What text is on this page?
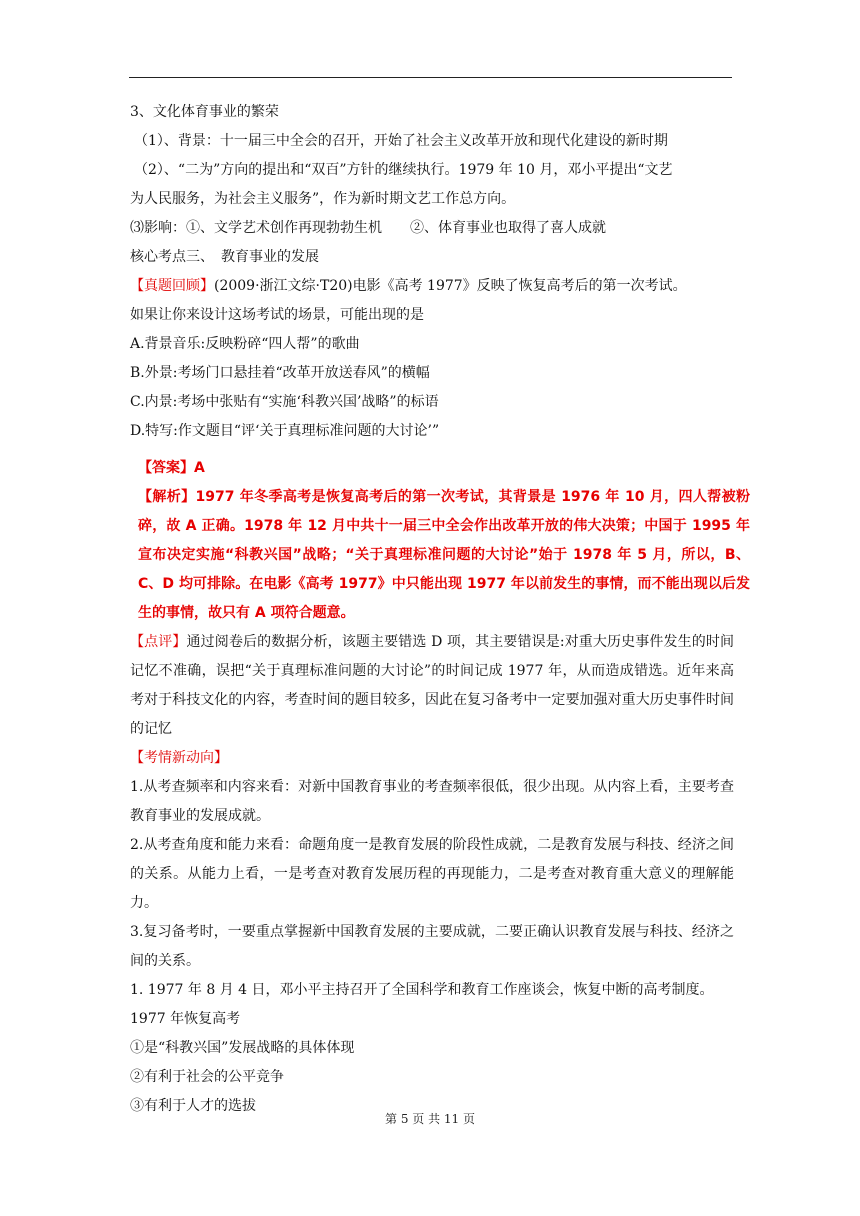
3、文化体育事业的繁荣
（1）、背景：十一届三中全会的召开，开始了社会主义改革开放和现代化建设的新时期
（2）、“二为”方向的提出和“双百”方针的继续执行。1979 年 10 月，邓小平提出“文艺
为人民服务，为社会主义服务”，作为新时期文艺工作总方向。
⑶影响：①、文学艺术创作再现勃勃生机　　②、体育事业也取得了喜人成就
核心考点三、　教育事业的发展
【真题回顾】(2009·浙江文综·T20)电影《高考 1977》反映了恢复高考后的第一次考试。
如果让你来设计这场考试的场景，可能出现的是
A.背景音乐:反映粉碎“四人帮”的歌曲
B.外景:考场门口悬挂着“改革开放送春风”的横幅
C.内景:考场中张贴有“实施‘科教兴国’战略”的标语
D.特写:作文题目“评‘关于真理标准问题的大讨论’”
【答案】A
【解析】1977 年冬季高考是恢复高考后的第一次考试，其背景是 1976 年 10 月，四人帮被粉碎，故 A 正确。1978 年 12 月中共十一届三中全会作出改革开放的伟大决策；中国于 1995 年宣布决定实施“科教兴国”战略；“关于真理标准问题的大讨论”始于 1978 年 5 月，所以，B、C、D 均可排除。在电影《高考 1977》中只能出现 1977 年以前发生的事情，而不能出现以后发生的事情，故只有 A 项符合题意。
【点评】通过阅卷后的数据分析，该题主要错选 D 项，其主要错误是:对重大历史事件发生的时间记忆不准确，误把“关于真理标准问题的大讨论”的时间记成 1977 年，从而造成错选。近年来高考对于科技文化的内容，考查时间的题目较多，因此在复习备考中一定要加强对重大历史事件时间的记忆
【考情新动向】
1.从考查频率和内容来看：对新中国教育事业的考查频率很低，很少出现。从内容上看，主要考查教育事业的发展成就。
2.从考查角度和能力来看：命题角度一是教育发展的阶段性成就，二是教育发展与科技、经济之间的关系。从能力上看，一是考查对教育发展历程的再现能力，二是考查对教育重大意义的理解能力。
3.复习备考时，一要重点掌握新中国教育发展的主要成就，二要正确认识教育发展与科技、经济之间的关系。
1. 1977 年 8 月 4 日，邓小平主持召开了全国科学和教育工作座谈会，恢复中断的高考制度。
1977 年恢复高考
①是“科教兴国”发展战略的具体体现
②有利于社会的公平竞争
③有利于人才的选拔
第 5 页 共 11 页
